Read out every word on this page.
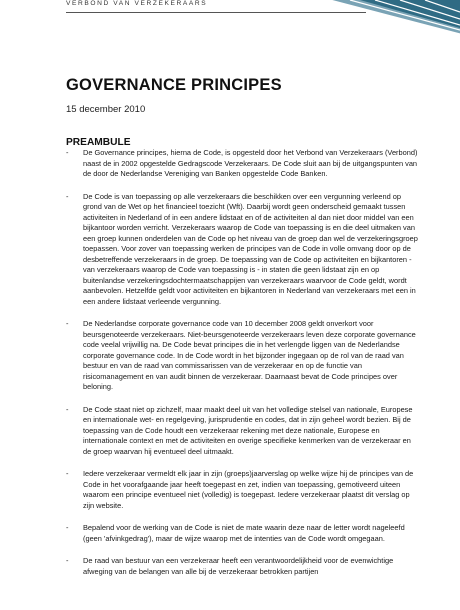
VERBOND VAN VERZEKERAARS
GOVERNANCE PRINCIPES
15 december 2010
PREAMBULE
- De Governance principes, hierna de Code, is opgesteld door het Verbond van Verzekeraars (Verbond) naast de in 2002 opgestelde Gedragscode Verzekeraars. De Code sluit aan bij de uitgangspunten van de door de Nederlandse Vereniging van Banken opgestelde Code Banken.

- De Code is van toepassing op alle verzekeraars die beschikken over een vergunning verleend op grond van de Wet op het financieel toezicht (Wft). Daarbij wordt geen onderscheid gemaakt tussen activiteiten in Nederland of in een andere lidstaat en of de activiteiten al dan niet door middel van een bijkantoor worden verricht. Verzekeraars waarop de Code van toepassing is en die deel uitmaken van een groep kunnen onderdelen van de Code op het niveau van de groep dan wel de verzekeringsgroep toepassen. Voor zover van toepassing werken de principes van de Code in volle omvang door op de desbetreffende verzekeraars in de groep. De toepassing van de Code op activiteiten en bijkantoren - van verzekeraars waarop de Code van toepassing is - in staten die geen lidstaat zijn en op buitenlandse verzekeringsdochtermaatschappijen van verzekeraars waarvoor de Code geldt, wordt aanbevolen. Hetzelfde geldt voor activiteiten en bijkantoren in Nederland van verzekeraars met een in een andere lidstaat verleende vergunning.

- De Nederlandse corporate governance code van 10 december 2008 geldt onverkort voor beursgenoteerde verzekeraars. Niet-beursgenoteerde verzekeraars leven deze corporate governance code veelal vrijwillig na. De Code bevat principes die in het verlengde liggen van de Nederlandse corporate governance code. In de Code wordt in het bijzonder ingegaan op de rol van de raad van bestuur en van de raad van commissarissen van de verzekeraar en op de functie van risicomanagement en van audit binnen de verzekeraar. Daarnaast bevat de Code principes over beloning.

- De Code staat niet op zichzelf, maar maakt deel uit van het volledige stelsel van nationale, Europese en internationale wet- en regelgeving, jurisprudentie en codes, dat in zijn geheel wordt bezien. Bij de toepassing van de Code houdt een verzekeraar rekening met deze nationale, Europese en internationale context en met de activiteiten en overige specifieke kenmerken van de verzekeraar en de groep waarvan hij eventueel deel uitmaakt.

- Iedere verzekeraar vermeldt elk jaar in zijn (groeps)jaarverslag op welke wijze hij de principes van de Code in het voorafgaande jaar heeft toegepast en zet, indien van toepassing, gemotiveerd uiteen waarom een principe eventueel niet (volledig) is toegepast. Iedere verzekeraar plaatst dit verslag op zijn website.

- Bepalend voor de werking van de Code is niet de mate waarin deze naar de letter wordt nageleefd (geen 'afvinkgedrag'), maar de wijze waarop met de intenties van de Code wordt omgegaan.

- De raad van bestuur van een verzekeraar heeft een verantwoordelijkheid voor de evenwichtige afweging van de belangen van alle bij de verzekeraar betrokken partijen
